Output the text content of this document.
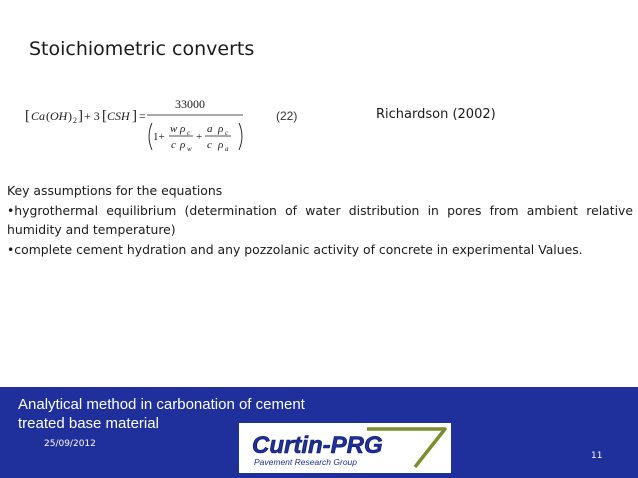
Stoichiometric converts
[ Ca ( OH ) 2 ] + 3 [ CSH ] =
33000
1+
w ρ c
c ρ w
+
a ρ c
c ρ a
(22)	Richardson (2002)

Key assumptions for the equations

•hygrothermal equilibrium (determination of water distribution in pores from ambient relative humidity and temperature)

•complete cement hydration and any pozzolanic activity of concrete in experimental Values.

Analytical method in carbonation of cement treated base material
25/09/2012	Curtin-PRG
Pavement Research Group
11
